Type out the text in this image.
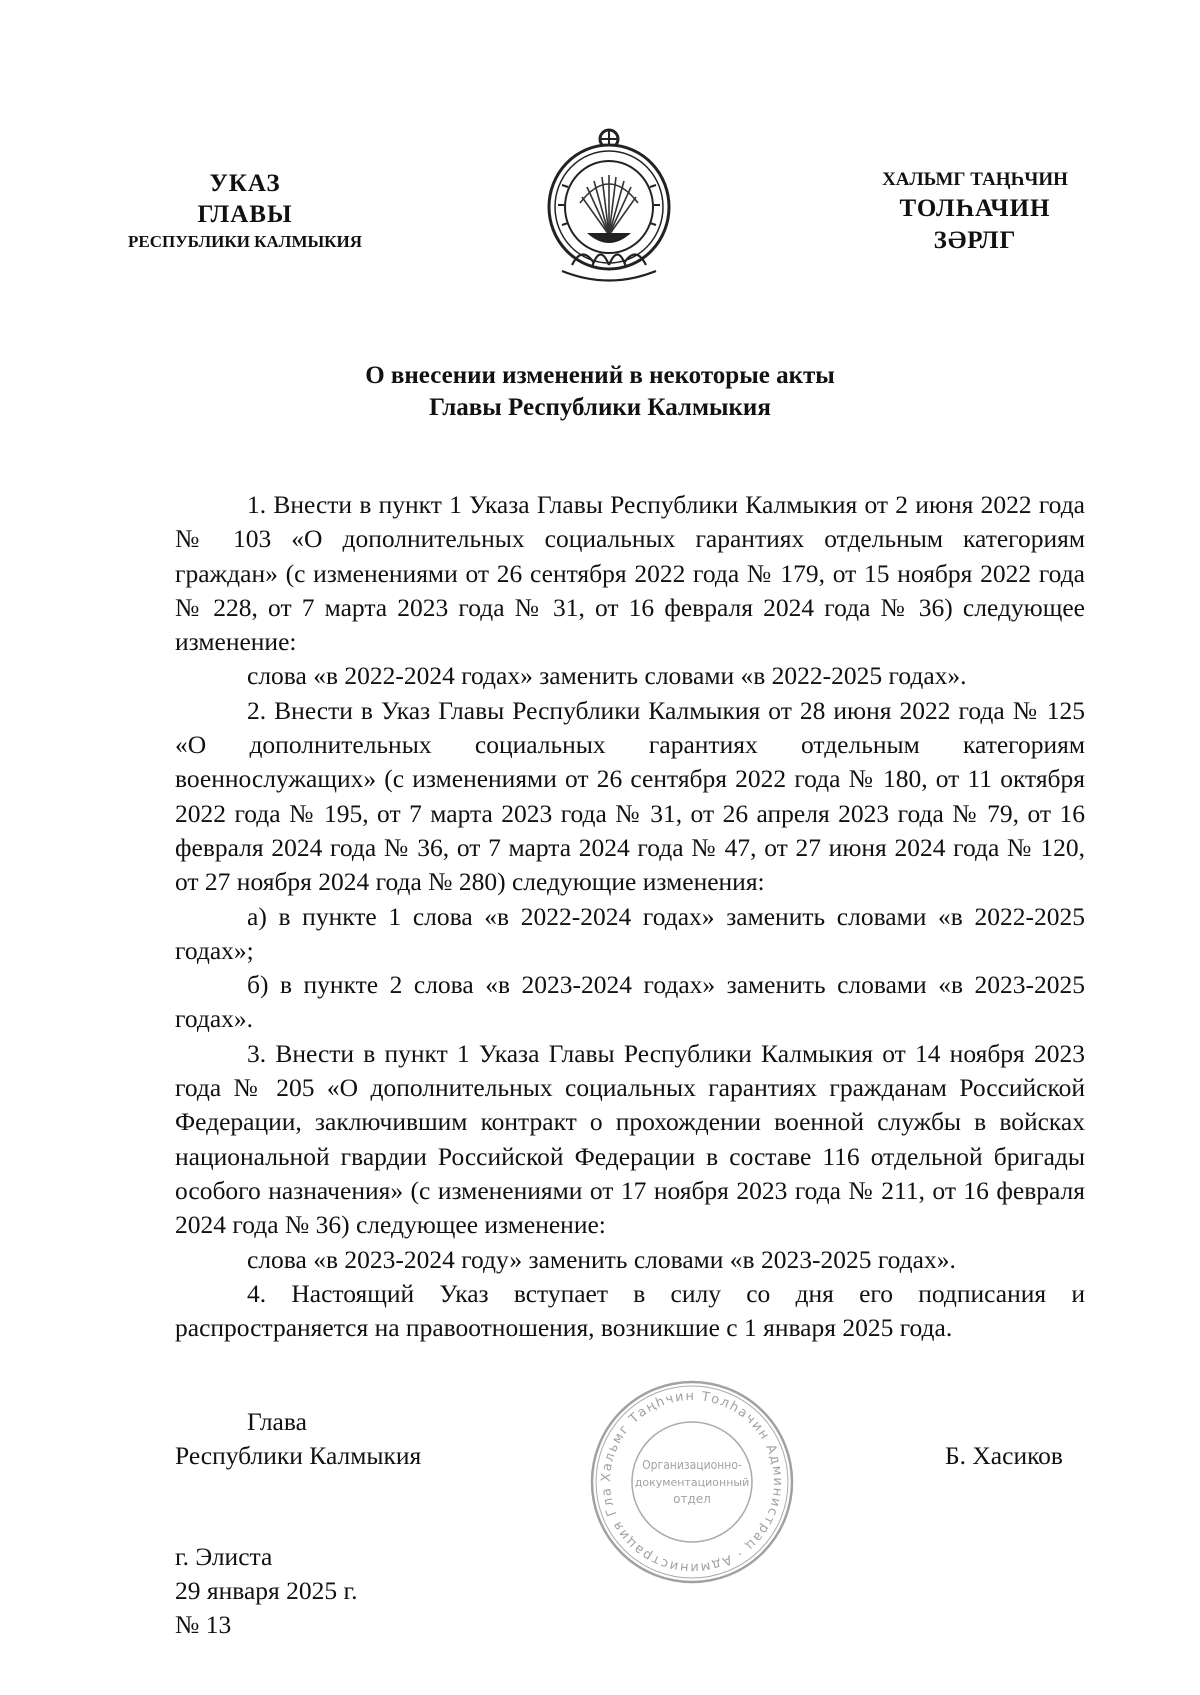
УКАЗ
ГЛАВЫ
РЕСПУБЛИКИ КАЛМЫКИЯ
ХАЛЬМГ ТАҢҺЧИН
ТОЛҺАЧИН
ЗӘРЛГ
О внесении изменений в некоторые акты
Главы Республики Калмыкия

1. Внести в пункт 1 Указа Главы Республики Калмыкия от 2 июня 2022 года № 103 «О дополнительных социальных гарантиях отдельным категориям граждан» (с изменениями от 26 сентября 2022 года № 179, от 15 ноября 2022 года № 228, от 7 марта 2023 года № 31, от 16 февраля 2024 года № 36) следующее изменение:

слова «в 2022-2024 годах» заменить словами «в 2022-2025 годах».

2. Внести в Указ Главы Республики Калмыкия от 28 июня 2022 года № 125 «О дополнительных социальных гарантиях отдельным категориям военнослужащих» (с изменениями от 26 сентября 2022 года № 180, от 11 октября 2022 года № 195, от 7 марта 2023 года № 31, от 26 апреля 2023 года № 79, от 16 февраля 2024 года № 36, от 7 марта 2024 года № 47, от 27 июня 2024 года № 120, от 27 ноября 2024 года № 280) следующие изменения:

а) в пункте 1 слова «в 2022-2024 годах» заменить словами «в 2022-2025 годах»;

б) в пункте 2 слова «в 2023-2024 годах» заменить словами «в 2023-2025 годах».

3. Внести в пункт 1 Указа Главы Республики Калмыкия от 14 ноября 2023 года № 205 «О дополнительных социальных гарантиях гражданам Российской Федерации, заключившим контракт о прохождении военной службы в войсках национальной гвардии Российской Федерации в составе 116 отдельной бригады особого назначения» (с изменениями от 17 ноября 2023 года № 211, от 16 февраля 2024 года № 36) следующее изменение:

слова «в 2023-2024 году» заменить словами «в 2023-2025 годах».

4. Настоящий Указ вступает в силу со дня его подписания и распространяется на правоотношения, возникшие с 1 января 2025 года.

Глава
Республики Калмыкия
Хальмг Таңһчин Толһачин Администрац · Администрация Гла
Организационно-
документационный
отдел
Б. Хасиков
г. Элиста
29 января 2025 г.
№ 13
